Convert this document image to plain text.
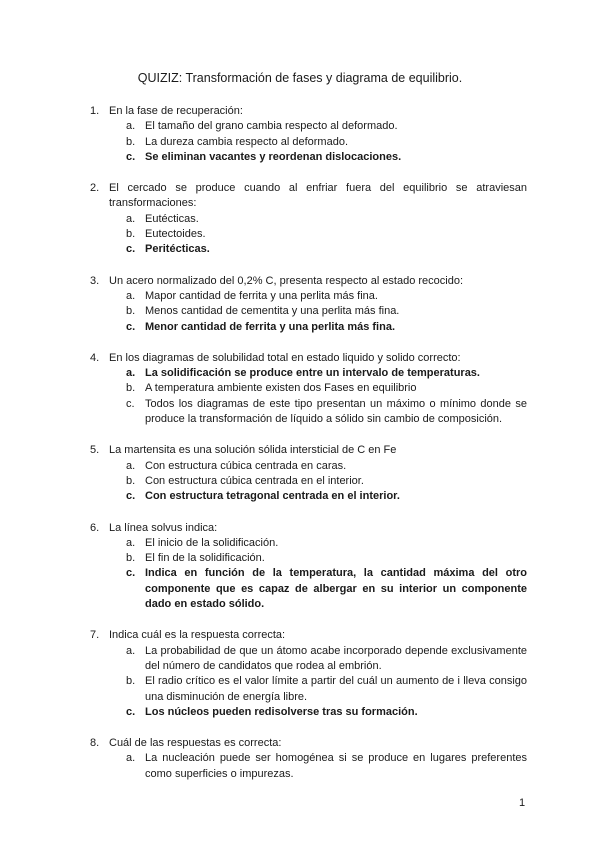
QUIZIZ: Transformación de fases y diagrama de equilibrio.
1. En la fase de recuperación:
a. El tamaño del grano cambia respecto al deformado.
b. La dureza cambia respecto al deformado.
c. Se eliminan vacantes y reordenan dislocaciones.
2. El cercado se produce cuando al enfriar fuera del equilibrio se atraviesan transformaciones:
a. Eutécticas.
b. Eutectoides.
c. Peritécticas.
3. Un acero normalizado del 0,2% C, presenta respecto al estado recocido:
a. Mapor cantidad de ferrita y una perlita más fina.
b. Menos cantidad de cementita y una perlita más fina.
c. Menor cantidad de ferrita y una perlita más fina.
4. En los diagramas de solubilidad total en estado liquido y solido correcto:
a. La solidificación se produce entre un intervalo de temperaturas.
b. A temperatura ambiente existen dos Fases en equilibrio
c. Todos los diagramas de este tipo presentan un máximo o mínimo donde se produce la transformación de líquido a sólido sin cambio de composición.
5. La martensita es una solución sólida intersticial de C en Fe
a. Con estructura cúbica centrada en caras.
b. Con estructura cúbica centrada en el interior.
c. Con estructura tetragonal centrada en el interior.
6. La línea solvus indica:
a. El inicio de la solidificación.
b. El fin de la solidificación.
c. Indica en función de la temperatura, la cantidad máxima del otro componente que es capaz de albergar en su interior un componente dado en estado sólido.
7. Indica cuál es la respuesta correcta:
a. La probabilidad de que un átomo acabe incorporado depende exclusivamente del número de candidatos que rodea al embrión.
b. El radio crítico es el valor límite a partir del cuál un aumento de i lleva consigo una disminución de energía libre.
c. Los núcleos pueden redisolverse tras su formación.
8. Cuál de las respuestas es correcta:
a. La nucleación puede ser homogénea si se produce en lugares preferentes como superficies o impurezas.
1
